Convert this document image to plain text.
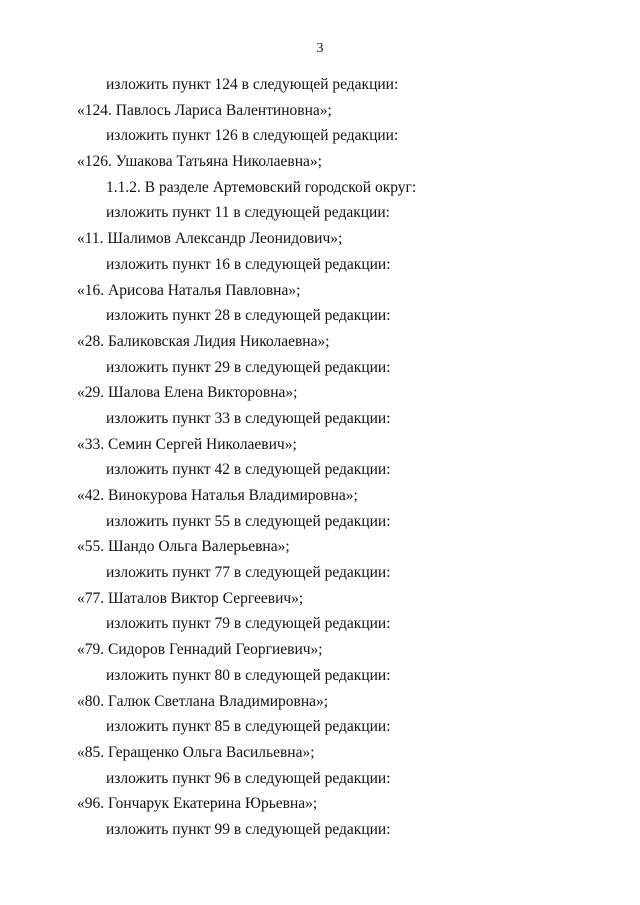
3
изложить пункт 124 в следующей редакции:
«124. Павлось Лариса Валентиновна»;
изложить пункт 126 в следующей редакции:
«126. Ушакова Татьяна Николаевна»;
1.1.2. В разделе Артемовский городской округ:
изложить пункт 11 в следующей редакции:
«11. Шалимов Александр Леонидович»;
изложить пункт 16 в следующей редакции:
«16. Арисова Наталья Павловна»;
изложить пункт 28 в следующей редакции:
«28. Баликовская Лидия Николаевна»;
изложить пункт 29 в следующей редакции:
«29. Шалова Елена Викторовна»;
изложить пункт 33 в следующей редакции:
«33. Семин Сергей Николаевич»;
изложить пункт 42 в следующей редакции:
«42. Винокурова Наталья Владимировна»;
изложить пункт 55 в следующей редакции:
«55. Шандо Ольга Валерьевна»;
изложить пункт 77 в следующей редакции:
«77. Шаталов Виктор Сергеевич»;
изложить пункт 79 в следующей редакции:
«79. Сидоров Геннадий Георгиевич»;
изложить пункт 80 в следующей редакции:
«80. Галюк Светлана Владимировна»;
изложить пункт 85 в следующей редакции:
«85. Геращенко Ольга Васильевна»;
изложить пункт 96 в следующей редакции:
«96. Гончарук Екатерина Юрьевна»;
изложить пункт 99 в следующей редакции:
